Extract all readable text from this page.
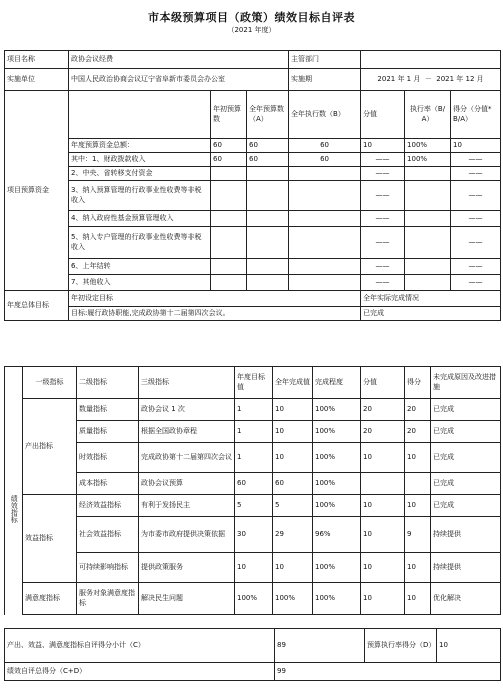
市本级预算项目（政策）绩效目标自评表
（2021 年度）
项目名称	政协会议经费			主管部门			
实施单位	中国人民政治协商会议辽宁省阜新市委员会办公室			实施期	2021 年 1 月 － 2021 年 12 月		
项目预算资金		年初预算数	全年预算数（A）	全年执行数（B）	分值	执行率（B/A）	得分（分值*B/A）
	年度预算资金总额：	60	60	60	10	100%	10
	其中：1、财政拨款收入	60	60	60	——	100%	——
	2、中央、省转移支付资金				——		——
	3、纳入预算管理的行政事业性收费等非税收入				——		——
	4、纳入政府性基金预算管理收入				——		——
	5、纳入专户管理的行政事业性收费等非税收入				——		——
	6、上年结转				——		——
	7、其他收入				——		——
年度总体目标	年初设定目标				全年实际完成情况		
	目标:履行政协职能,完成政协第十二届第四次会议。				已完成		
绩效指标	一级指标	二级指标	三级指标	年度目标值	全年完成值	完成程度	分值	得分	未完成原因及改进措施
	产出指标	数量指标	政协会议 1 次	1	10	100%	20	20	已完成
		质量指标	根据全国政协章程	1	10	100%	20	20	已完成
		时效指标	完成政协第十二届第四次会议	1	10	100%	10	10	已完成
		成本指标	政协会议预算	60	60	100%			已完成
	效益指标	经济效益指标	有利于发扬民主	5	5	100%	10	10	已完成
		社会效益指标	为市委市政府提供决策依据	30	29	96%	10	9	持续提供
		可持续影响指标	提供政策服务	10	10	100%	10	10	持续提供
	满意度指标	服务对象满意度指标	解决民生问题	100%	100%	100%	10	10	优化解决
产出、效益、满意度指标自评得分小计（C）	89	预算执行率得分（D）	10
绩效自评总得分（C+D）	99		
